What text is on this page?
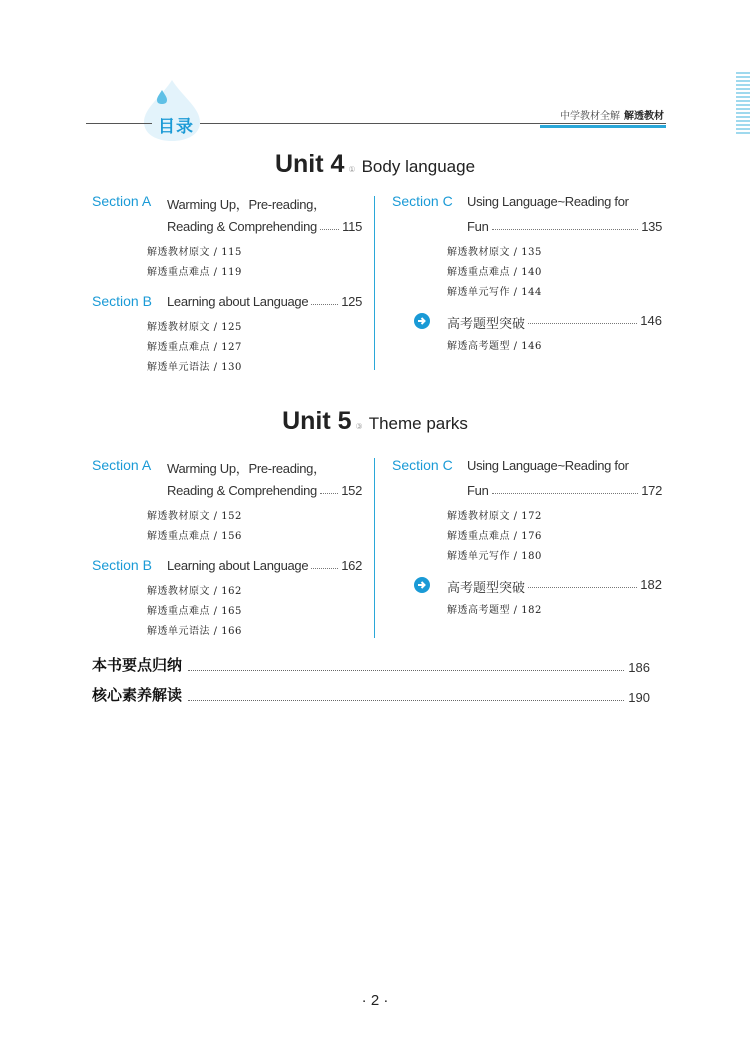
目录
中学教材全解 解透教材
Unit 4 ① Body language
Section A Warming Up，Pre-reading，
Reading & Comprehending 115
解透教材原文 / 115
解透重点难点 / 119
Section B Learning about Language	125
解透教材原文 / 125
解透重点难点 / 127
解透单元语法 / 130
Section C Using Language~Reading for
Fun	135
解透教材原文 / 135
解透重点难点 / 140
解透单元写作 / 144
高考题型突破	146
解透高考题型 / 146
Unit 5 ③ Theme parks
Section A Warming Up，Pre-reading，
Reading & Comprehending 152
解透教材原文 / 152
解透重点难点 / 156
Section B Learning about Language	162
解透教材原文 / 162
解透重点难点 / 165
解透单元语法 / 166
Section C Using Language~Reading for
Fun	172
解透教材原文 / 172
解透重点难点 / 176
解透单元写作 / 180
高考题型突破	182
解透高考题型 / 182
本书要点归纳	186
核心素养解读	190
· 2 ·
